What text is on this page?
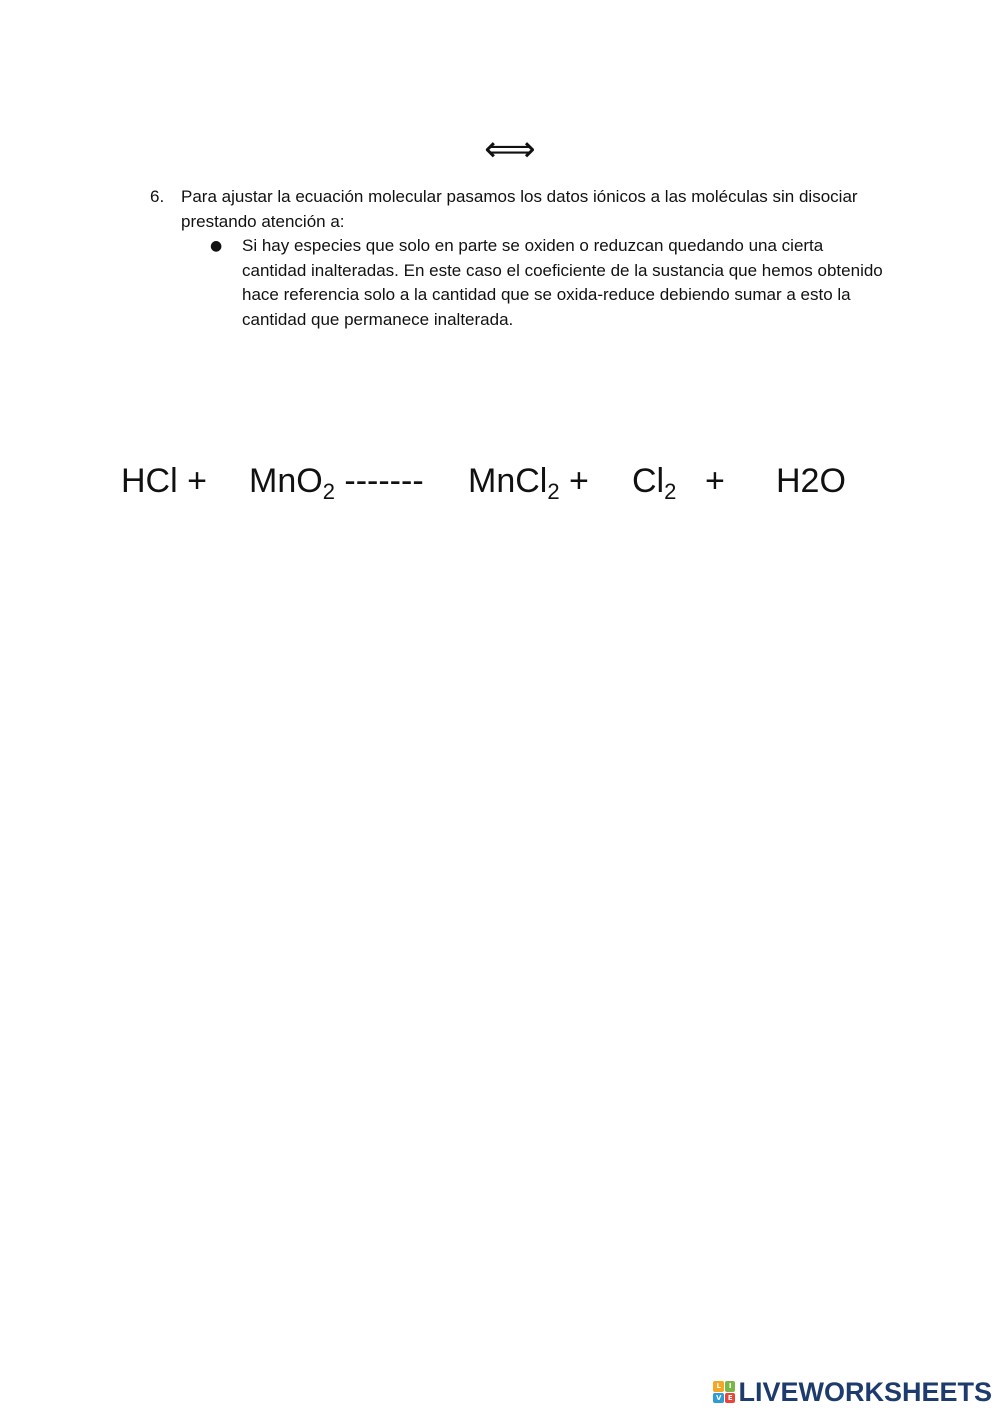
⟺
6. Para ajustar la ecuación molecular pasamos los datos iónicos a las moléculas sin disociar prestando atención a:
●	Si hay especies que solo en parte se oxiden o reduzcan quedando una cierta cantidad inalteradas. En este caso el coeficiente de la sustancia que hemos obtenido hace referencia solo a la cantidad que se oxida-reduce debiendo sumar a esto la cantidad que permanece inalterada.
HCl + MnO$_2$ ------- MnCl$_2$ + $Cl_2 + H2O$
L	I
V E LIVEWORKSHEETS
